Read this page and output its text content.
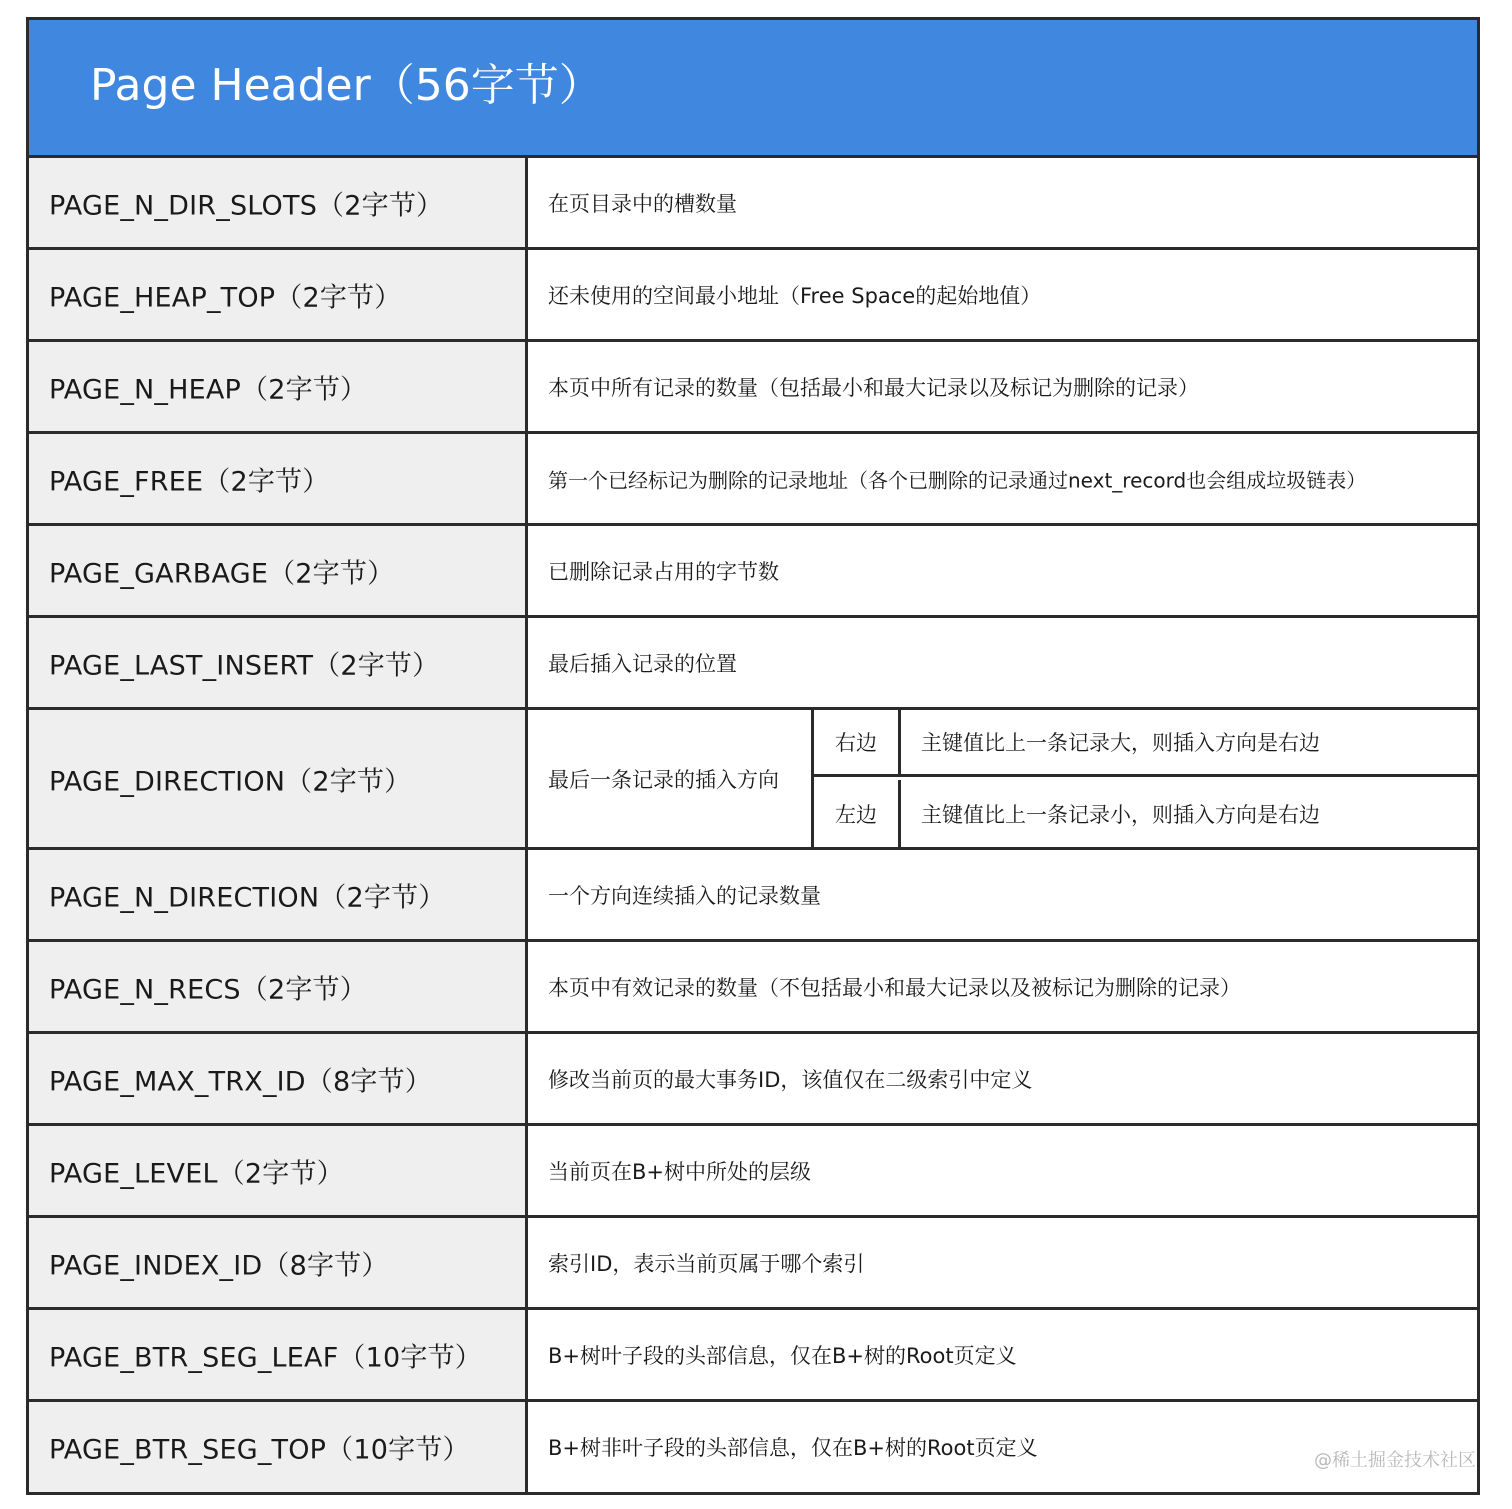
Page Header（56字节）
PAGE_N_DIR_SLOTS（2字节）	在页目录中的槽数量
PAGE_HEAP_TOP（2字节）	还未使用的空间最小地址（Free Space的起始地值）
PAGE_N_HEAP（2字节）	本页中所有记录的数量（包括最小和最大记录以及标记为删除的记录）
PAGE_FREE（2字节）	第一个已经标记为删除的记录地址（各个已删除的记录通过next_record也会组成垃圾链表）
PAGE_GARBAGE（2字节）	已删除记录占用的字节数
PAGE_LAST_INSERT（2字节）	最后插入记录的位置
PAGE_DIRECTION（2字节）	最后一条记录的插入方向
右边	主键值比上一条记录大，则插入方向是右边
左边	主键值比上一条记录小，则插入方向是右边
PAGE_N_DIRECTION（2字节）	一个方向连续插入的记录数量
PAGE_N_RECS（2字节）	本页中有效记录的数量（不包括最小和最大记录以及被标记为删除的记录）
PAGE_MAX_TRX_ID（8字节）	修改当前页的最大事务ID，该值仅在二级索引中定义
PAGE_LEVEL（2字节）	当前页在B+树中所处的层级
PAGE_INDEX_ID（8字节）	索引ID，表示当前页属于哪个索引
PAGE_BTR_SEG_LEAF（10字节）	B+树叶子段的头部信息，仅在B+树的Root页定义
PAGE_BTR_SEG_TOP（10字节）	B+树非叶子段的头部信息，仅在B+树的Root页定义
@稀土掘金技术社区
